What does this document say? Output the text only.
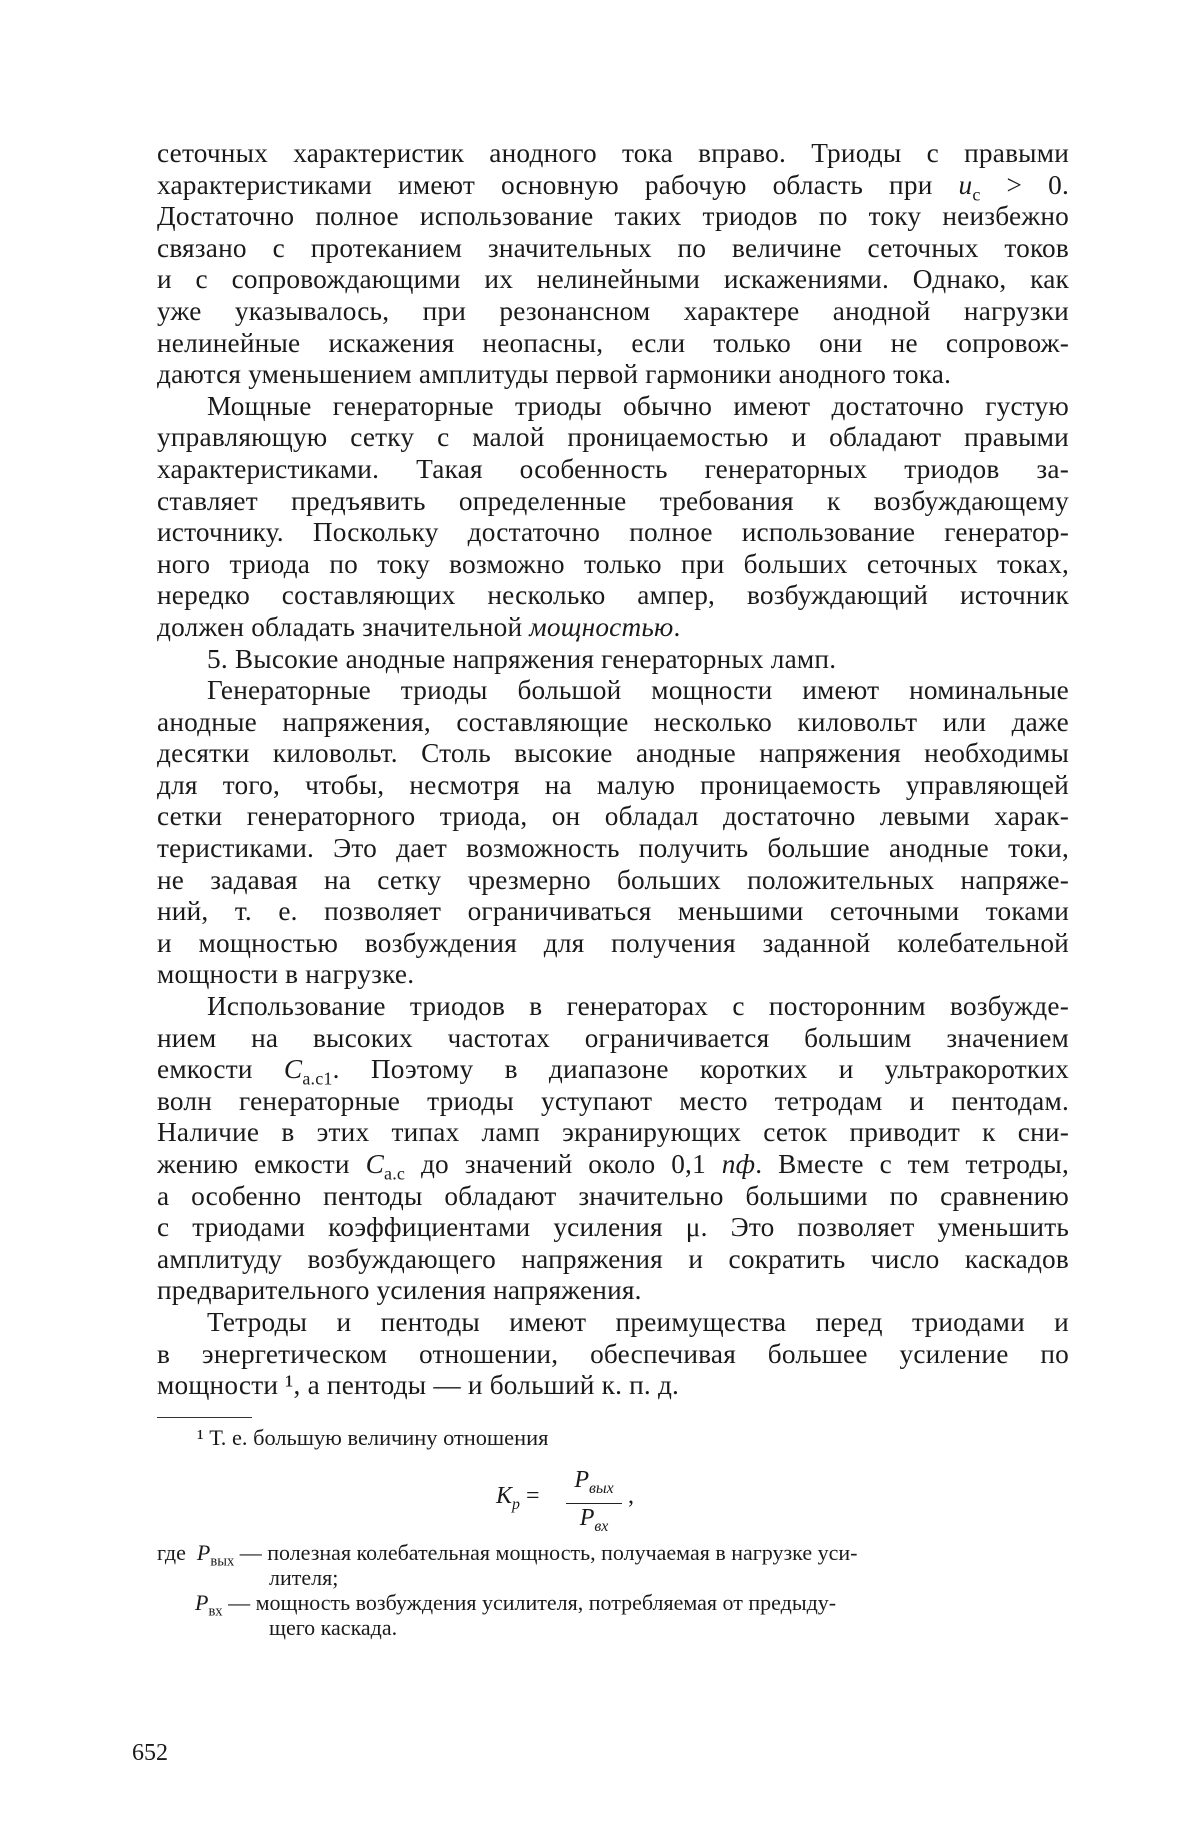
сеточных характеристик анодного тока вправо. Триоды с правыми
характеристиками имеют основную рабочую область при $u_с > 0$.
Достаточно полное использование таких триодов по току неизбежно
связано с протеканием значительных по величине сеточных токов
и с сопровождающими их нелинейными искажениями. Однако, как
уже указывалось, при резонансном характере анодной нагрузки
нелинейные искажения неопасны, если только они не сопровож-
даются уменьшением амплитуды первой гармоники анодного тока.
Мощные генераторные триоды обычно имеют достаточно густую
управляющую сетку с малой проницаемостью и обладают правыми
характеристиками. Такая особенность генераторных триодов за-
ставляет предъявить определенные требования к возбуждающему
источнику. Поскольку достаточно полное использование генератор-
ного триода по току возможно только при больших сеточных токах,
нередко составляющих несколько ампер, возбуждающий источник
должен обладать значительной мощностью.
5. Высокие анодные напряжения генераторных ламп.
Генераторные триоды большой мощности имеют номинальные
анодные напряжения, составляющие несколько киловольт или даже
десятки киловольт. Столь высокие анодные напряжения необходимы
для того, чтобы, несмотря на малую проницаемость управляющей
сетки генераторного триода, он обладал достаточно левыми харак-
теристиками. Это дает возможность получить большие анодные токи,
не задавая на сетку чрезмерно больших положительных напряже-
ний, т. е. позволяет ограничиваться меньшими сеточными токами
и мощностью возбуждения для получения заданной колебательной
мощности в нагрузке.
Использование триодов в генераторах с посторонним возбужде-
нием на высоких частотах ограничивается большим значением
емкости $C_{а.с1}$. Поэтому в диапазоне коротких и ультракоротких
волн генераторные триоды уступают место тетродам и пентодам.
Наличие в этих типах ламп экранирующих сеток приводит к сни-
жению емкости $C_{а.с}$ до значений около 0,1 пф. Вместе с тем тетроды,
а особенно пентоды обладают значительно большими по сравнению
с триодами коэффициентами усиления μ. Это позволяет уменьшить
амплитуду возбуждающего напряжения и сократить число каскадов
предварительного усиления напряжения.
Тетроды и пентоды имеют преимущества перед триодами и
в энергетическом отношении, обеспечивая большее усиление по
мощности ¹, а пентоды — и больший к. п. д.
¹ Т. е. большую величину отношения
$K_р$ =
$P_{вых}$
$P_{вх}$
,
где $P_{вых}$ — полезная колебательная мощность, получаемая в нагрузке уси-
лителя;
$P_{вх}$ — мощность возбуждения усилителя, потребляемая от предыду-
щего каскада.
652
